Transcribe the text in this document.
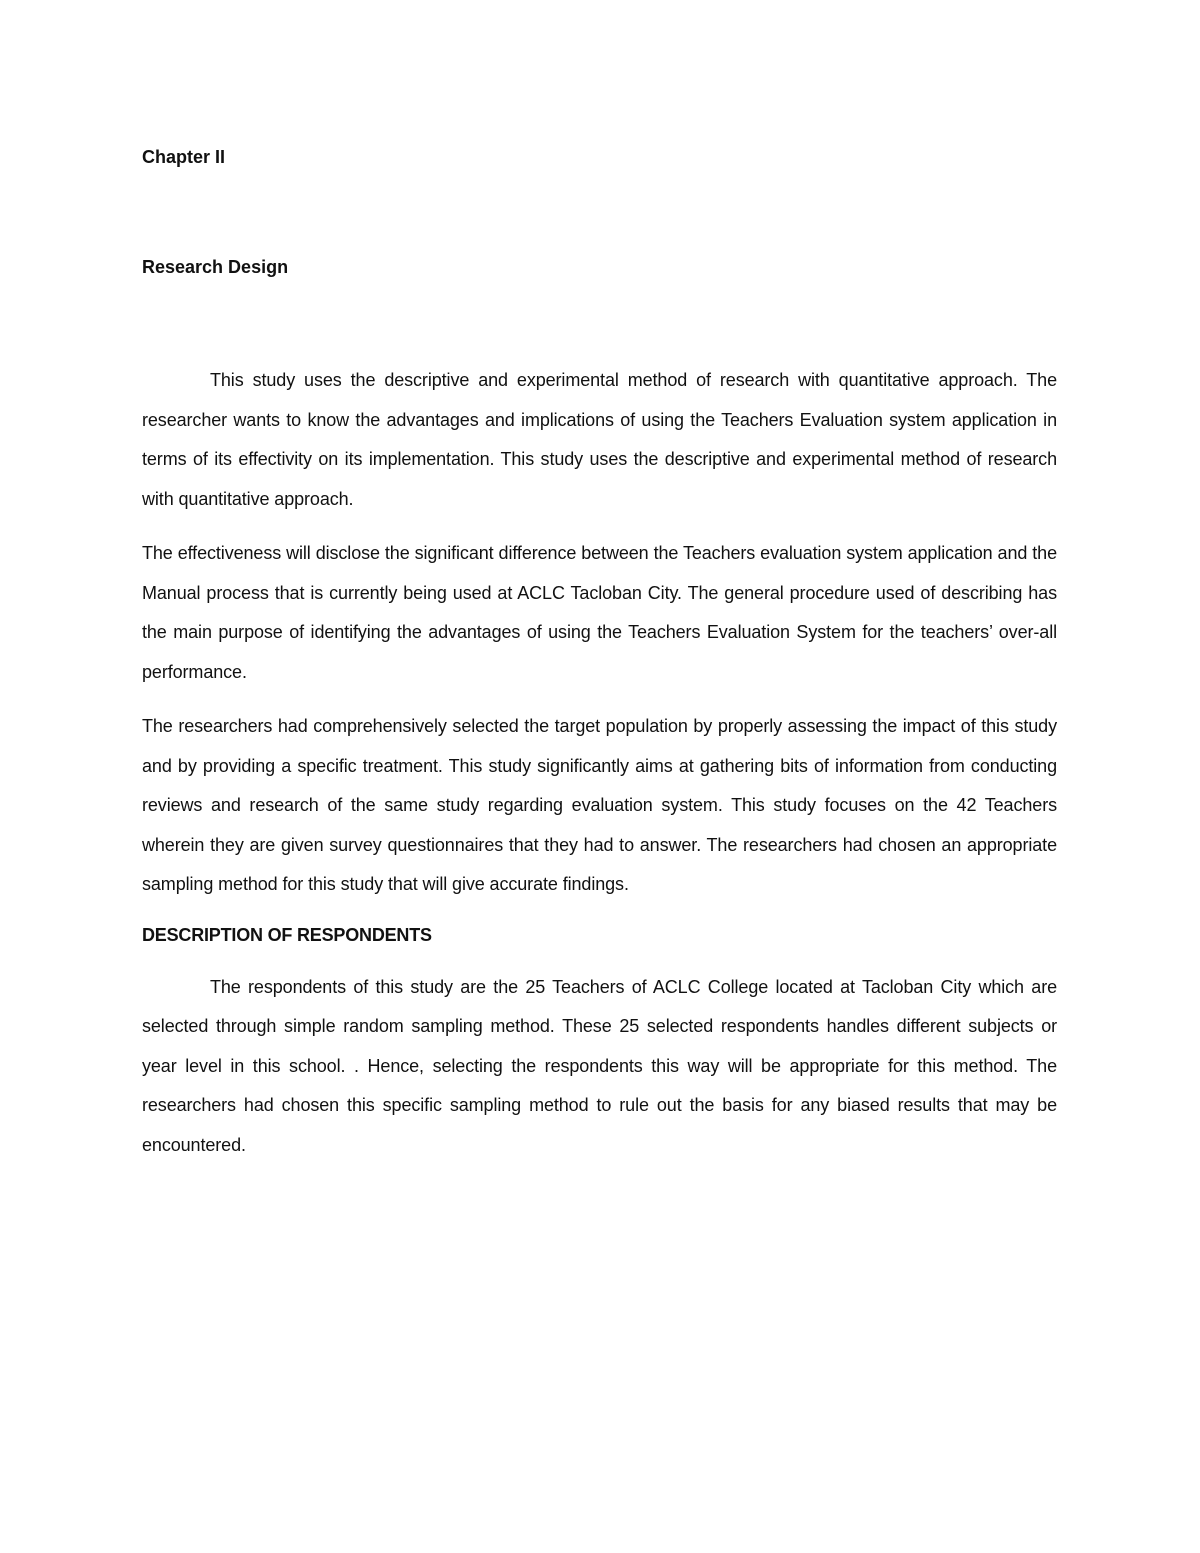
Chapter II

Research Design

This study uses the descriptive and experimental method of research with quantitative approach. The researcher wants to know the advantages and implications of using the Teachers Evaluation system application in terms of its effectivity on its implementation. This study uses the descriptive and experimental method of research with quantitative approach.

The effectiveness will disclose the significant difference between the Teachers evaluation system application and the Manual process that is currently being used at ACLC Tacloban City. The general procedure used of describing has the main purpose of identifying the advantages of using the Teachers Evaluation System for the teachers’ over-all performance.

The researchers had comprehensively selected the target population by properly assessing the impact of this study and by providing a specific treatment. This study significantly aims at gathering bits of information from conducting reviews and research of the same study regarding evaluation system. This study focuses on the 42 Teachers wherein they are given survey questionnaires that they had to answer. The researchers had chosen an appropriate sampling method for this study that will give accurate findings.

DESCRIPTION OF RESPONDENTS

The respondents of this study are the 25 Teachers of ACLC College located at Tacloban City which are selected through simple random sampling method. These 25 selected respondents handles different subjects or year level in this school. . Hence, selecting the respondents this way will be appropriate for this method. The researchers had chosen this specific sampling method to rule out the basis for any biased results that may be encountered.
